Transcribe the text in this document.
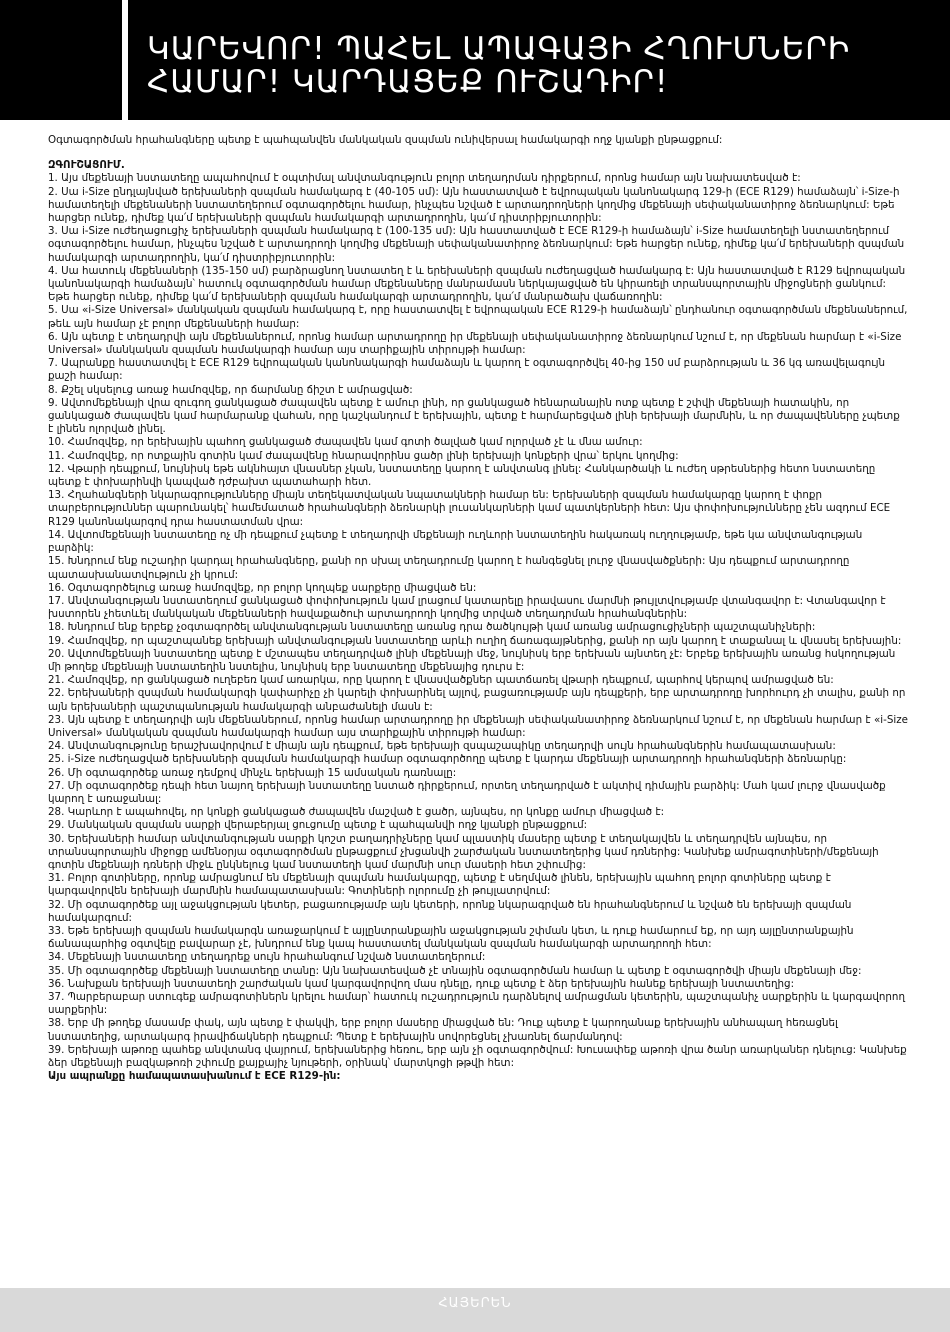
ԿԱՐԵՎՈՐ! ՊԱՀԵԼ ԱՊԱԳԱՅԻ ՀՂՈՒՄՆԵՐԻ ՀԱՄԱՐ! ԿԱՐԴԱՑԵՔ ՈՒՇԱԴԻՐ!

Օգտագործման հրահանգները պետք է պահպանվեն մանկական զսպման ունիվերսալ համակարգի ողջ կյանքի ընթացքում:

ԶԳՈՒՇԱՑՈՒՄ.

1. Այս մեքենայի նստատեղը ապահովում է օպտիմալ անվտանգություն բոլոր տեղադրման դիրքերում, որոնց համար այն նախատեսված է:
2. Սա i-Size ընդլայնված երեխաների զսպման համակարգ է (40-105 սմ): Այն հաստատված է եվրոպական կանոնակարգ 129-ի (ECE R129) համաձայն՝ i-Size-ի համատեղելի մեքենաների նստատեղերում օգտագործելու համար, ինչպես նշված է արտադրողների կողմից մեքենայի սեփականատիրոջ ձեռնարկում: Եթե հարցեր ունեք, դիմեք կա՛մ երեխաների զսպման համակարգի արտադրողին, կա՛մ դիստրիբյուտորին:
3. Սա i-Size ուժեղացուցիչ երեխաների զսպման համակարգ է (100-135 սմ): Այն հաստատված է ECE R129-ի համաձայն՝ i-Size համատեղելի նստատեղերում օգտագործելու համար, ինչպես նշված է արտադրողի կողմից մեքենայի սեփականատիրոջ ձեռնարկում: Եթե հարցեր ունեք, դիմեք կա՛մ երեխաների զսպման համակարգի արտադրողին, կա՛մ դիստրիբյուտորին:
4. Սա հատուկ մեքենաների (135-150 սմ) բարձրացնող նստատեղ է և երեխաների զսպման ուժեղացված համակարգ է: Այն հաստատված է R129 եվրոպական կանոնակարգի համաձայն՝ հատուկ օգտագործման համար մեքենաները մանրամասն ներկայացված են կիրառելի տրանսպորտային միջոցների ցանկում: Եթե հարցեր ունեք, դիմեք կա՛մ երեխաների զսպման համակարգի արտադրողին, կա՛մ մանրածախ վաճառողին:
5. Սա «i-Size Universal» մանկական զսպման համակարգ է, որը հաստատվել է եվրոպական ECE R129-ի համաձայն՝ ընդհանուր օգտագործման մեքենաներում, թեև այն համար չէ բոլոր մեքենաների համար:
6. Այն պետք է տեղադրվի այն մեքենաներում, որոնց համար արտադրողը իր մեքենայի սեփականատիրոջ ձեռնարկում նշում է, որ մեքենան հարմար է «i-Size Universal» մանկական զսպման համակարգի համար այս տարիքային տիրույթի համար:
7. Ապրանքը հաստատվել է ECE R129 եվրոպական կանոնակարգի համաձայն և կարող է օգտագործվել 40-ից 150 սմ բարձրության և 36 կգ առավելագույն քաշի համար:
8. Քշել սկսելուց առաջ համոզվեք, որ ճարմանը ճիշտ է ամրացված:
9. Ավտոմեքենայի վրա զուգող ցանկացած ժապավեն պետք է ամուր լինի, որ ցանկացած հենարանային ոտք պետք է շփվի մեքենայի հատակին, որ ցանկացած ժապավեն կամ հարմարանք վահան, որը կաշկանդում է երեխային, պետք է հարմարեցված լինի երեխայի մարմնին, և որ ժապավենները չպետք է լինեն ոլորված լինել.
10. Համոզվեք, որ երեխային պահող ցանկացած ժապավեն կամ գոտի ծալված կամ ոլորված չէ և մնա ամուր:
11. Համոզվեք, որ ոտքային գոտին կամ ժապավենը հնարավորինս ցածր լինի երեխայի կոնքերի վրա՝ երկու կողմից:
12. Վթարի դեպքում, նույնիսկ եթե ակնհայտ վնասներ չկան, նստատեղը կարող է անվտանգ լինել: Հանկարծակի և ուժեղ սթրեսներից հետո նստատեղը պետք է փոխարինվի կապված դժբախտ պատահարի հետ.
13. Հղահանգների նկարագրությունները միայն տեղեկատվական նպատակների համար են: Երեխաների զսպման համակարգը կարող է փոքր տարբերություններ պարունակել՝ համեմատած հրահանգների ձեռնարկի լուսանկարների կամ պատկերների հետ: Այս փոփոխությունները չեն ազդում ECE R129 կանոնակարգով դրա հաստատման վրա:
14. Ավտոմեքենայի նստատեղը ոչ մի դեպքում չպետք է տեղադրվի մեքենայի ուղևորի նստատեղին հակառակ ուղղությամբ, եթե կա անվտանգության բարձիկ:
15. Խնդրում ենք ուշադիր կարդալ հրահանգները, քանի որ սխալ տեղադրումը կարող է հանգեցնել լուրջ վնասվածքների: Այս դեպքում արտադրողը պատասխանատվություն չի կրում:
16. Օգտագործելուց առաջ համոզվեք, որ բոլոր կողպեք սարքերը միացված են:
17. Անվտանգության նստատեղում ցանկացած փոփոխություն կամ լրացում կատարելը իրավասու մարմնի թույլտվությամբ վտանգավոր է: Վտանգավոր է խստորեն չհետևել մանկական մեքենաների հավաքածուի արտադրողի կողմից տրված տեղադրման հրահանգներին:
18. Խնդրում ենք երբեք չօգտագործել անվտանգության նստատեղը առանց դրա ծածկույթի կամ առանց ամրացուցիչների պաշտպանիչների:
19. Համոզվեք, որ պաշտպանեք երեխայի անվտանգության նստատեղը արևի ուղիղ ճառագայթներից, քանի որ այն կարող է տաքանալ և վնասել երեխային:
20. Ավտոմեքենայի նստատեղը պետք է մշտապես տեղադրված լինի մեքենայի մեջ, նույնիսկ երբ երեխան այնտեղ չէ: Երբեք երեխային առանց հսկողության մի թողեք մեքենայի նստատեղին նստելիս, նույնիսկ երբ նստատեղը մեքենայից դուրս է:
21. Համոզվեք, որ ցանկացած ուղեբեռ կամ առարկա, որը կարող է վնասվածքներ պատճառել վթարի դեպքում, պարհով կերպով ամրացված են:
22. Երեխաների զսպման համակարգի կափարիչը չի կարելի փոխարինել այլով, բացառությամբ այն դեպքերի, երբ արտադրողը խորհուրդ չի տալիս, քանի որ այն երեխաների պաշտպանության համակարգի անբաժանելի մասն է:
23. Այն պետք է տեղադրվի այն մեքենաներում, որոնց համար արտադրողը իր մեքենայի սեփականատիրոջ ձեռնարկում նշում է, որ մեքենան հարմար է «i-Size Universal» մանկական զսպման համակարգի համար այս տարիքային տիրույթի համար:
24. Անվտանգությունը երաշխավորվում է միայն այն դեպքում, եթե երեխայի զսպաշապիկը տեղադրվի սույն հրահանգներին համապատասխան:
25. i-Size ուժեղացված երեխաների զսպման համակարգի համար օգտագործողը պետք է կարդա մեքենայի արտադրողի հրահանգների ձեռնարկը:
26. Մի օգտագործեք առաջ դեմքով մինչև երեխայի 15 ամսական դառնալը:
27. Մի օգտագործեք դեպի հետ նայող երեխայի նստատեղը նստած դիրքերում, որտեղ տեղադրված է ակտիվ դիմային բարձիկ: Մահ կամ լուրջ վնասվածք կարող է առաջանալ:
28. Կարևոր է ապահովել, որ կոնքի ցանկացած ժապավեն մաշված է ցածր, այնպես, որ կոնքը ամուր միացված է:
29. Մանկական զսպման սարքի վերաբերյալ ցուցումը պետք է պահպանվի ողջ կյանքի ընթացքում:
30. Երեխաների համար անվտանգության սարքի կոշտ բաղադրիչները կամ պլաստիկ մասերը պետք է տեղակայվեն և տեղադրվեն այնպես, որ տրանսպորտային միջոցը ամենօրյա օգտագործման ընթացքում չխցանվի շարժական նստատեղերից կամ դռներից: Կանխեք ամրագոտիների/մեքենայի գոտին մեքենայի դռների միջև ընկնելուց կամ նստատեղի կամ մարմնի սուր մասերի հետ շփումից:
31. Բոլոր գոտիները, որոնք ամրացնում են մեքենայի զսպման համակարգը, պետք է սեղմված լինեն, երեխային պահող բոլոր գոտիները պետք է կարգավորվեն երեխայի մարմնին համապատասխան: Գոտիների ոլորումը չի թույլատրվում:
32. Մի օգտագործեք այլ աջակցության կետեր, բացառությամբ այն կետերի, որոնք նկարագրված են հրահանգներում և նշված են երեխայի զսպման համակարգում:
33. Եթե երեխայի զսպման համակարգն առաջարկում է այլընտրանքային աջակցության շփման կետ, և դուք համարում եք, որ այդ այլընտրանքային ճանապարհից օգտվելը բավարար չէ, խնդրում ենք կապ հաստատել մանկական զսպման համակարգի արտադրողի հետ:
34. Մեքենայի նստատեղը տեղադրեք սույն հրահանգում նշված նստատեղերում:
35. Մի օգտագործեք մեքենայի նստատեղը տանը: Այն նախատեսված չէ տնային օգտագործման համար և պետք է օգտագործվի միայն մեքենայի մեջ:
36. Նախքան երեխայի նստատեղի շարժական կամ կարգավորվող մաս դնելը, դուք պետք է ձեր երեխային հանեք երեխայի նստատեղից:
37. Պարբերաբար ստուգեք ամրագոտիներն կրելու համար՝ հատուկ ուշադրություն դարձնելով ամրացման կետերին, պաշտպանիչ սարքերին և կարգավորող սարքերին:
38. Երբ մի թողեք մասամբ փակ, այն պետք է փակվի, երբ բոլոր մասերը միացված են: Դուք պետք է կարողանաք երեխային անհապաղ հեռացնել նստատեղից, արտակարգ իրավիճակների դեպքում: Պետք է երեխային սովորեցնել չխառնել ճարմանդով:
39. Երեխայի աթոռը պահեք անվտանգ վայրում, երեխաներից հեռու, երբ այն չի օգտագործվում: Խուսափեք աթոռի վրա ծանր առարկաներ դնելուց: Կանխեք ձեր մեքենայի բազկաթոռի շփումը քայքայիչ նյութերի, օրինակ՝ մարտկոցի թթվի հետ:

Այս ապրանքը համապատասխանում է ECE R129-ին:

ՀԱՅԵՐԵՆ
